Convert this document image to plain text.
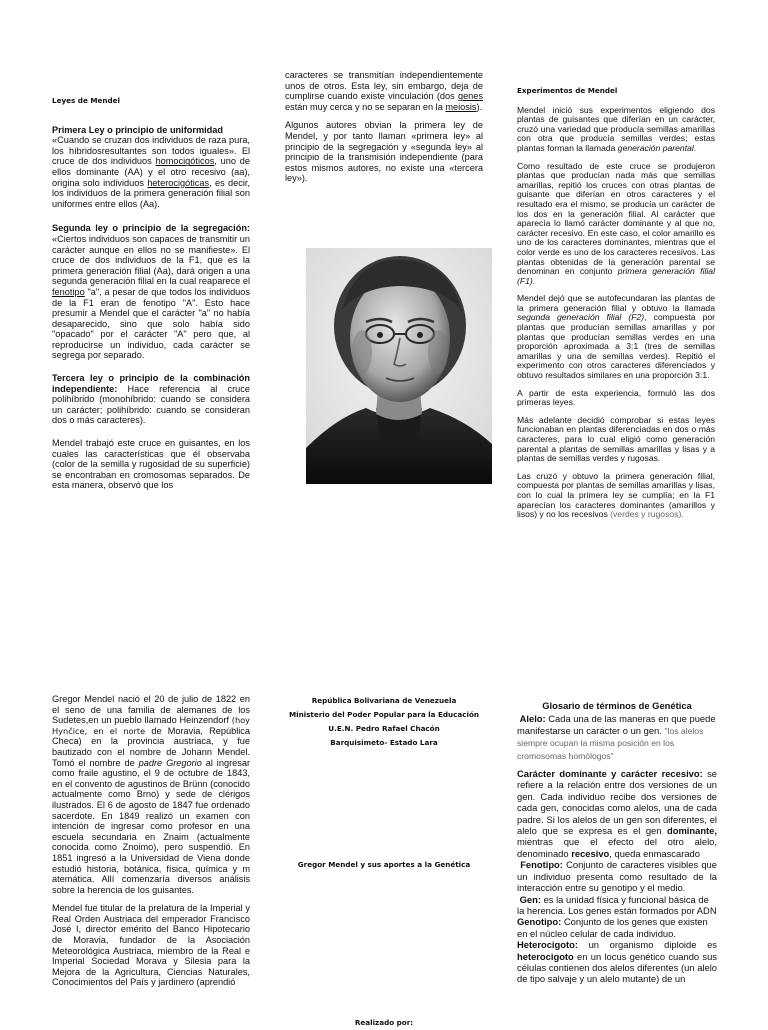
Leyes de Mendel

Primera Ley o principio de uniformidad
«Cuando se cruzan dos individuos de raza pura, los híbridosresultantes son todos iguales». El cruce de dos individuos homocigóticos, uno de ellos dominante (AA) y el otro recesivo (aa), origina solo individuos heterocigóticas, es decir, los individuos de la primera generación filial son uniformes entre ellos (Aa).

Segunda ley o principio de la segregación: «Ciertos individuos son capaces de transmitir un carácter aunque en ellos no se manifieste». El cruce de dos individuos de la F1, que es la primera generación filial (Aa), dará origen a una segunda generación filial en la cual reaparece el fenotipo "a", a pesar de que todos los individuos de la F1 eran de fenotipo "A". Esto hace presumir a Mendel que el carácter "a" no había desaparecido, sino que solo había sido "opacado" por el carácter "A" pero que, al reproducirse un individuo, cada carácter se segrega por separado.

Tercera ley o principio de la combinación independiente: Hace referencia al cruce polihíbrido (monohíbrido: cuando se considera un carácter; polihíbrido: cuando se consideran dos o más caracteres).

Mendel trabajó este cruce en guisantes, en los cuales las características que él observaba (color de la semilla y rugosidad de su superficie) se encontraban en cromosomas separados. De esta manera, observó que los

caracteres se transmitían independientemente unos de otros. Esta ley, sin embargo, deja de cumplirse cuando existe vinculación (dos genes están muy cerca y no se separan en la meiosis).

Algunos autores obvian la primera ley de Mendel, y por tanto llaman «primera ley» al principio de la segregación y «segunda ley» al principio de la transmisión independiente (para estos mismos autores, no existe una «tercera ley»).

Experimentos de Mendel

Mendel inició sus experimentos eligiendo dos plantas de guisantes que diferían en un carácter, cruzó una variedad que producía semillas amarillas con otra que producía semillas verdes; estas plantas forman la llamada generación parental.

Como resultado de este cruce se produjeron plantas que producían nada más que semillas amarillas, repitió los cruces con otras plantas de guisante que diferían en otros caracteres y el resultado era el mismo, se producía un carácter de los dos en la generación filial. Al carácter que aparecía lo llamó carácter dominante y al que no, carácter recesivo. En este caso, el color amarillo es uno de los caracteres dominantes, mientras que el color verde es uno de los caracteres recesivos. Las plantas obtenidas de la generación parental se denominan en conjunto primera generación filial (F1).

Mendel dejó que se autofecundaran las plantas de la primera generación filial y obtuvo la llamada segunda generación filial (F2), compuesta por plantas que producían semillas amarillas y por plantas que producían semillas verdes en una proporción aproximada a 3:1 (tres de semillas amarillas y una de semillas verdes). Repitió el experimento con otros caracteres diferenciados y obtuvo resultados similares en una proporción 3:1.

A partir de esta experiencia, formuló las dos primeras leyes.

Más adelante decidió comprobar si estas leyes funcionaban en plantas diferenciadas en dos o más caracteres, para lo cual eligió como generación parental a plantas de semillas amarillas y lisas y a plantas de semillas verdes y rugosas.

Las cruzó y obtuvo la primera generación filial, compuesta por plantas de semillas amarillas y lisas, con lo cual la primera ley se cumplía; en la F1 aparecían los caracteres dominantes (amarillos y lisos) y no los recesivos (verdes y rugosos).

Gregor Mendel nació el 20 de julio de 1822 en el seno de una familia de alemanes de los Sudetes,en un pueblo llamado Heinzendorf (hoy Hynčice, en el norte de Moravia, República Checa) en la provincia austriaca, y fue bautizado con el nombre de Johann Mendel. Tomó el nombre de padre Gregorio al ingresar como fraile agustino, el 9 de octubre de 1843, en el convento de agustinos de Brünn (conocido actualmente como Brno) y sede de clérigos ilustrados. El 6 de agosto de 1847 fue ordenado sacerdote. En 1849 realizó un examen con intención de ingresar como profesor en una escuela secundaria en Znaim (actualmente conocida como Znoimo), pero suspendió. En 1851 ingresó a la Universidad de Viena donde estudió historia, botánica, física, química y m atemática. Allí comenzaría diversos análisis sobre la herencia de los guisantes.

Mendel fue titular de la prelatura de la Imperial y Real Orden Austriaca del emperador Francisco José I, director emérito del Banco Hipotecario de Moravia, fundador de la Asociación Meteorológica Austriaca, miembro de la Real e Imperial Sociedad Morava y Silesia para la Mejora de la Agricultura, Ciencias Naturales, Conocimientos del País y jardinero (aprendió

República Bolivariana de Venezuela
Ministerio del Poder Popular para la Educación
U.E.N. Pedro Rafael Chacón
Barquisimeto- Estado Lara
Gregor Mendel y sus aportes a la Genética
Realizado por:
Glosario de términos de Genética
Alelo: Cada una de las maneras en que puede manifestarse un carácter o un gen. "los alelos siempre ocupan la misma posición en los cromosomas homólogos"
Carácter dominante y carácter recesivo: se refiere a la relación entre dos versiones de un gen. Cada individuo recibe dos versiones de cada gen, conocidas como alelos, una de cada padre. Si los alelos de un gen son diferentes, el alelo que se expresa es el gen dominante, mientras que el efecto del otro alelo, denominado recesivo, queda enmascarado
Fenotipo: Conjunto de caracteres visibles que un individuo presenta como resultado de la interacción entre su genotipo y el medio.
Gen: es la unidad física y funcional básica de la herencia. Los genes están formados por ADN
Genotipo: Conjunto de los genes que existen en el núcleo celular de cada individuo.
Heterocigoto: un organismo diploide es heterocigoto en un locus genético cuando sus células contienen dos alelos diferentes (un alelo de tipo salvaje y un alelo mutante) de un
